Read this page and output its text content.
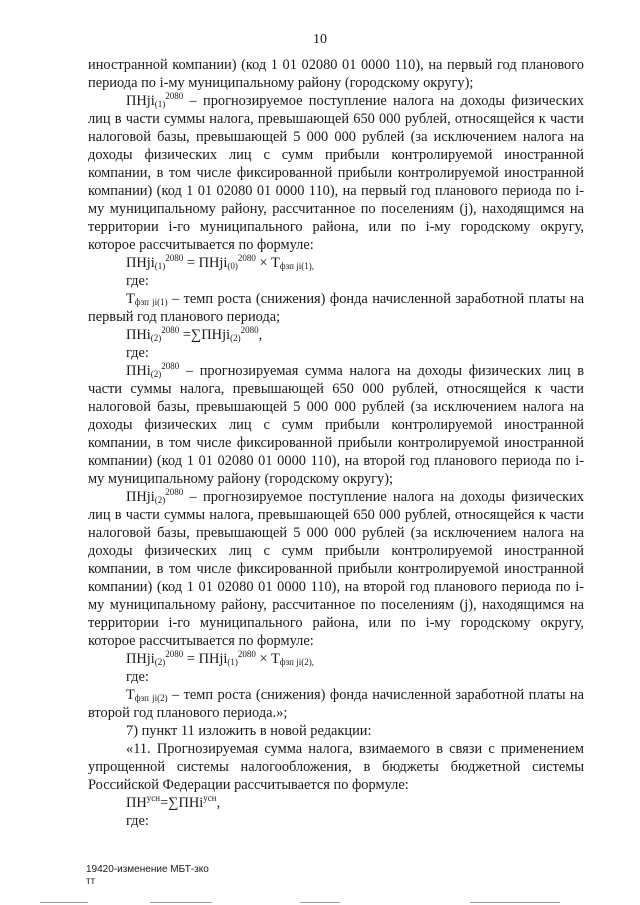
10

иностранной компании) (код 1 01 02080 01 0000 110), на первый год планового периода по i-му муниципальному району (городскому округу);

ПНji$_{(1)}^{2080}$ – прогнозируемое поступление налога на доходы физических лиц в части суммы налога, превышающей 650 000 рублей, относящейся к части налоговой базы, превышающей 5 000 000 рублей (за исключением налога на доходы физических лиц с сумм прибыли контролируемой иностранной компании, в том числе фиксированной прибыли контролируемой иностранной компании) (код 1 01 02080 01 0000 110), на первый год планового периода по i-му муниципальному району, рассчитанное по поселениям (j), находящимся на территории i-го муниципального района, или по i-му городскому округу, которое рассчитывается по формуле:

ПНji$_{(1)}^{2080}$ = ПНji$_{(0)}^{2080}$ × $T_{фзп ji(1),}$

где:

$T_{фзп ji(1)}$ – темп роста (снижения) фонда начисленной заработной платы на первый год планового периода;

ПНi$_{(2)}^{2080}$ =∑ПНji$_{(2)}^{2080}$,

где:

ПНi$_{(2)}^{2080}$ – прогнозируемая сумма налога на доходы физических лиц в части суммы налога, превышающей 650 000 рублей, относящейся к части налоговой базы, превышающей 5 000 000 рублей (за исключением налога на доходы физических лиц с сумм прибыли контролируемой иностранной компании, в том числе фиксированной прибыли контролируемой иностранной компании) (код 1 01 02080 01 0000 110), на второй год планового периода по i-му муниципальному району (городскому округу);

ПНji$_{(2)}^{2080}$ – прогнозируемое поступление налога на доходы физических лиц в части суммы налога, превышающей 650 000 рублей, относящейся к части налоговой базы, превышающей 5 000 000 рублей (за исключением налога на доходы физических лиц с сумм прибыли контролируемой иностранной компании, в том числе фиксированной прибыли контролируемой иностранной компании) (код 1 01 02080 01 0000 110), на второй год планового периода по i-му муниципальному району, рассчитанное по поселениям (j), находящимся на территории i-го муниципального района, или по i-му городскому округу, которое рассчитывается по формуле:

ПНji$_{(2)}^{2080}$ = ПНji$_{(1)}^{2080}$ × $T_{фзп ji(2),}$

где:

$T_{фзп ji(2)}$ – темп роста (снижения) фонда начисленной заработной платы на второй год планового периода.»;

7) пункт 11 изложить в новой редакции:

«11. Прогнозируемая сумма налога, взимаемого в связи с применением упрощенной системы налогообложения, в бюджеты бюджетной системы Российской Федерации рассчитывается по формуле:

$ПН^{усн}=\sum ПНi^{усн}$,

где:

19420-изменение МБТ-зко
тт
